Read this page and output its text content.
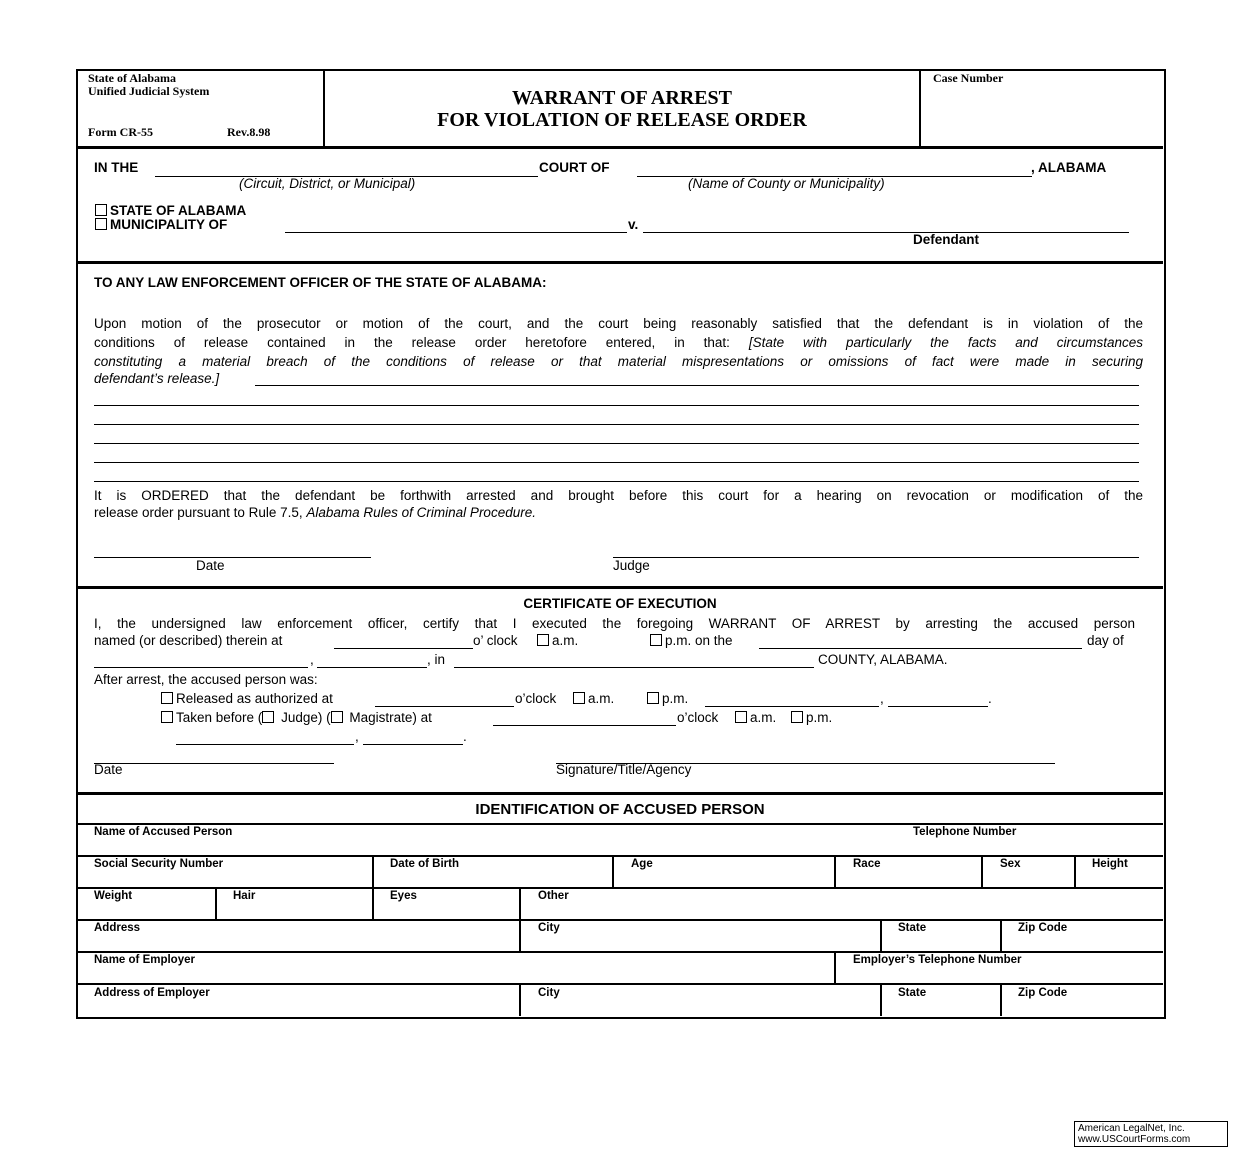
State of Alabama
Unified Judicial System
Form CR-55	Rev.8.98
WARRANT OF ARREST
FOR VIOLATION OF RELEASE ORDER
Case Number
IN THE	COURT OF	, ALABAMA
(Circuit, District, or Municipal)	(Name of County or Municipality)
STATE OF ALABAMA
MUNICIPALITY OF	v.
Defendant
TO ANY LAW ENFORCEMENT OFFICER OF THE STATE OF ALABAMA:
Upon motion of the prosecutor or motion of the court, and the court being reasonably satisfied that the defendant is in violation of the
conditions of release contained in the release order heretofore entered, in that: [State with particularly the facts and circumstances
constituting a material breach of the conditions of release or that material mispresentations or omissions of fact were made in securing
defendant’s release.]
It is ORDERED that the defendant be forthwith arrested and brought before this court for a hearing on revocation or modification of the
release order pursuant to Rule 7.5, Alabama Rules of Criminal Procedure.
Date	Judge
CERTIFICATE OF EXECUTION
I, the undersigned law enforcement officer, certify that I executed the foregoing WARRANT OF ARREST by arresting the accused person
named (or described) therein at	o’ clock	a.m.	p.m. on the	day of
,	, in	COUNTY, ALABAMA.
After arrest, the accused person was:
Released as authorized at	o’clock	a.m.	p.m.	,	.
Taken before ( Judge) ( Magistrate) at	o’clock	a.m.	p.m.
,	.
Date	Signature/Title/Agency
IDENTIFICATION OF ACCUSED PERSON
Name of Accused Person	Telephone Number
Social Security Number	Date of Birth	Age	Race	Sex	Height
Weight	Hair	Eyes	Other
Address	City	State	Zip Code
Name of Employer	Employer’s Telephone Number
Address of Employer	City	State	Zip Code
American LegalNet, Inc.
www.USCourtForms.com
